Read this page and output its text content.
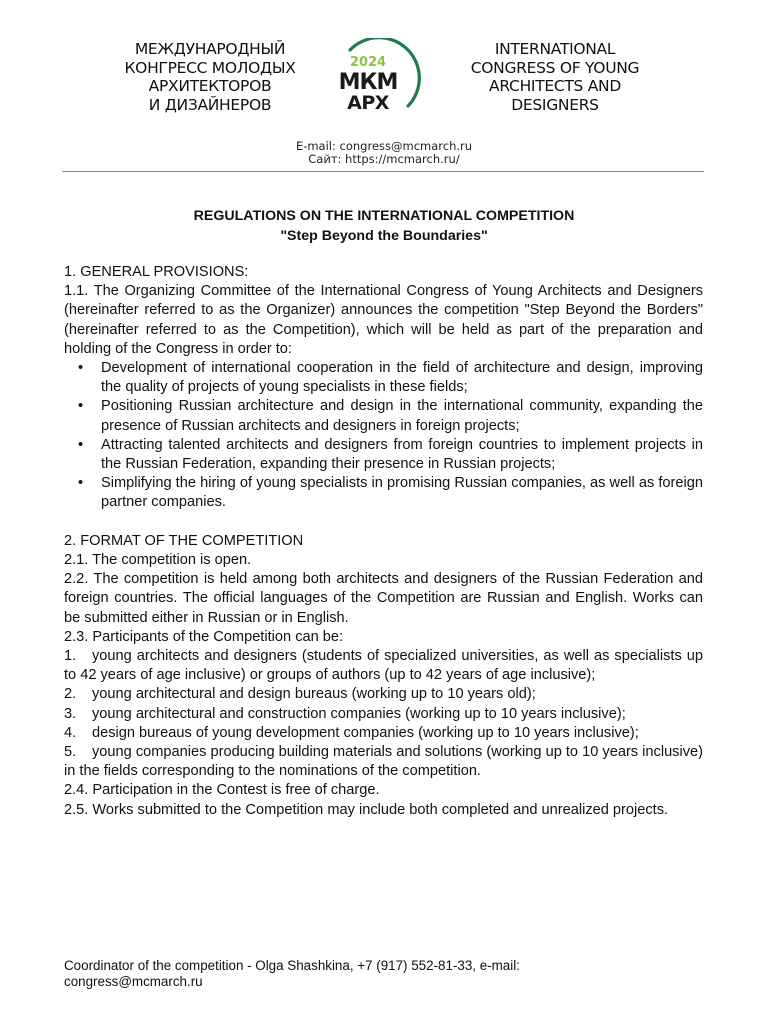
МЕЖДУНАРОДНЫЙ
КОНГРЕСС МОЛОДЫХ
АРХИТЕКТОРОВ
И ДИЗАЙНЕРОВ
2024
МКМ
АРХ
INTERNATIONAL
CONGRESS OF YOUNG
ARCHITECTS AND
DESIGNERS
E-mail: congress@mcmarch.ru
Сайт: https://mcmarch.ru/
REGULATIONS ON THE INTERNATIONAL COMPETITION
"Step Beyond the Boundaries"

1. GENERAL PROVISIONS:

1.1. The Organizing Committee of the International Congress of Young Architects and Designers (hereinafter referred to as the Organizer) announces the competition "Step Beyond the Borders" (hereinafter referred to as the Competition), which will be held as part of the preparation and holding of the Congress in order to:

• Development of international cooperation in the field of architecture and design, improving the quality of projects of young specialists in these fields;
• Positioning Russian architecture and design in the international community, expanding the presence of Russian architects and designers in foreign projects;
• Attracting talented architects and designers from foreign countries to implement projects in the Russian Federation, expanding their presence in Russian projects;
• Simplifying the hiring of young specialists in promising Russian companies, as well as foreign partner companies.

2. FORMAT OF THE COMPETITION

2.1. The competition is open.

2.2. The competition is held among both architects and designers of the Russian Federation and foreign countries. The official languages of the Competition are Russian and English. Works can be submitted either in Russian or in English.

2.3. Participants of the Competition can be:

1. young architects and designers (students of specialized universities, as well as specialists up to 42 years of age inclusive) or groups of authors (up to 42 years of age inclusive);

2. young architectural and design bureaus (working up to 10 years old);

3. young architectural and construction companies (working up to 10 years inclusive);

4. design bureaus of young development companies (working up to 10 years inclusive);

5. young companies producing building materials and solutions (working up to 10 years inclusive) in the fields corresponding to the nominations of the competition.

2.4. Participation in the Contest is free of charge.

2.5. Works submitted to the Competition may include both completed and unrealized projects.

Coordinator of the competition - Olga Shashkina, +7 (917) 552-81-33, e-mail:
congress@mcmarch.ru
